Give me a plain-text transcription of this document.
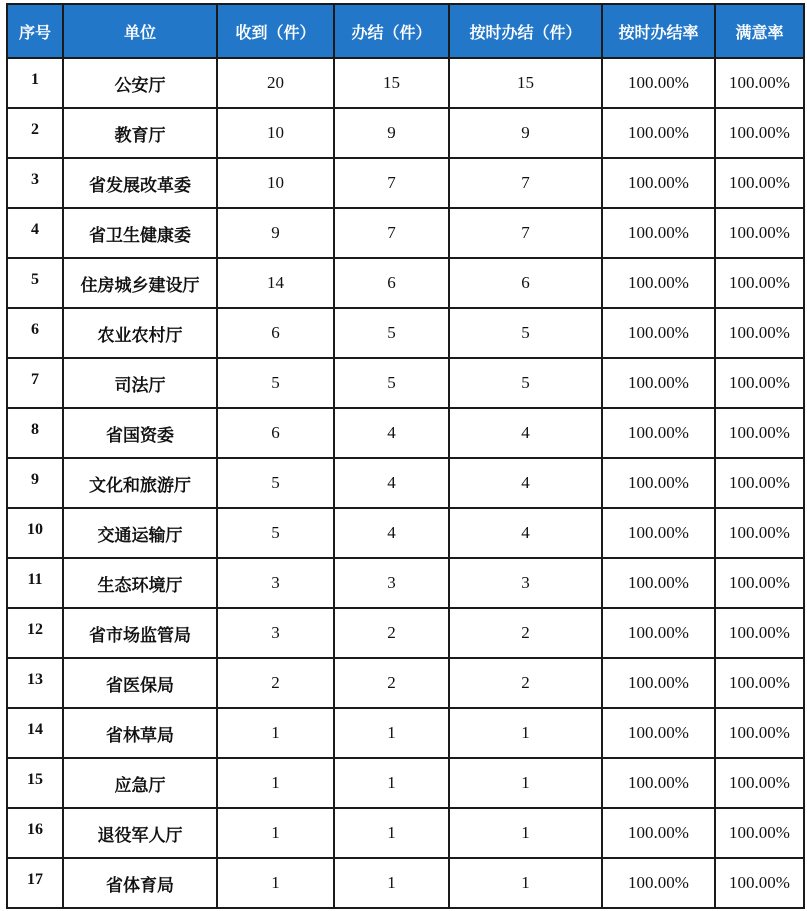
序号	单位	收到（件）	办结（件）	按时办结（件）	按时办结率	满意率
1	公安厅	20	15	15	100.00%	100.00%
2	教育厅	10	9	9	100.00%	100.00%
3	省发展改革委	10	7	7	100.00%	100.00%
4	省卫生健康委	9	7	7	100.00%	100.00%
5	住房城乡建设厅	14	6	6	100.00%	100.00%
6	农业农村厅	6	5	5	100.00%	100.00%
7	司法厅	5	5	5	100.00%	100.00%
8	省国资委	6	4	4	100.00%	100.00%
9	文化和旅游厅	5	4	4	100.00%	100.00%
10	交通运输厅	5	4	4	100.00%	100.00%
11	生态环境厅	3	3	3	100.00%	100.00%
12	省市场监管局	3	2	2	100.00%	100.00%
13	省医保局	2	2	2	100.00%	100.00%
14	省林草局	1	1	1	100.00%	100.00%
15	应急厅	1	1	1	100.00%	100.00%
16	退役军人厅	1	1	1	100.00%	100.00%
17	省体育局	1	1	1	100.00%	100.00%
